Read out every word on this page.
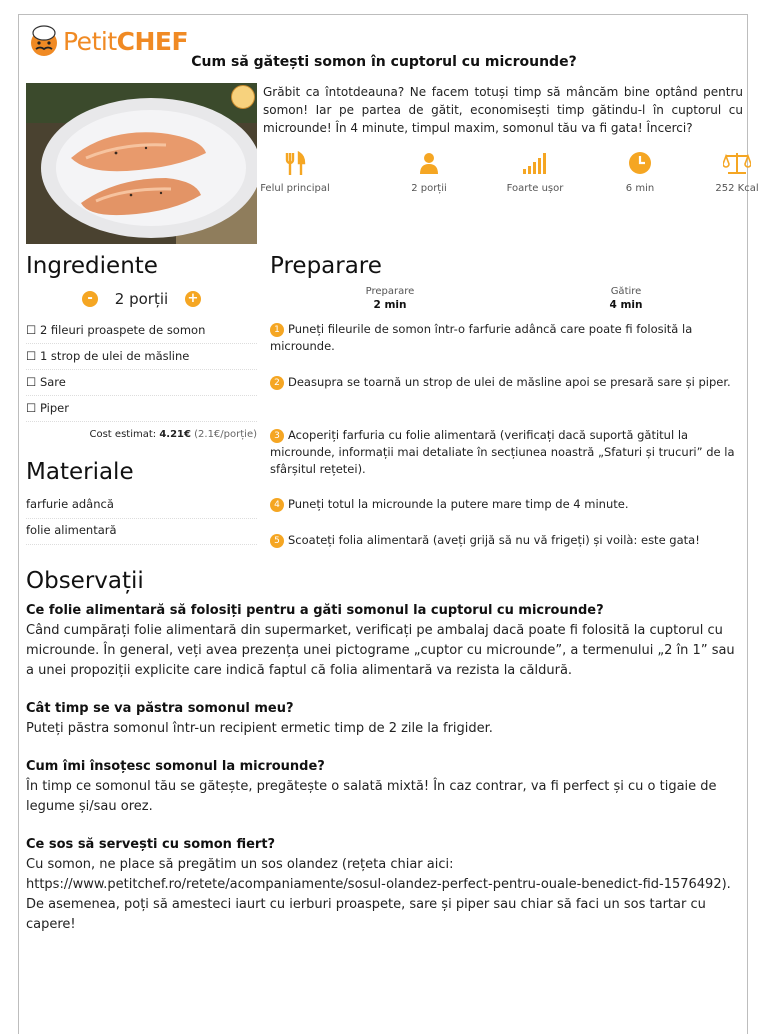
PetitCHEF
Cum să gătești somon în cuptorul cu microunde?
Grăbit ca întotdeauna? Ne facem totuși timp să mâncăm bine optând pentru somon! Iar pe partea de gătit, economisești timp gătindu-l în cuptorul cu microunde! În 4 minute, timpul maxim, somonul tău va fi gata! Încerci?
Felul principal	2 porții	Foarte ușor	6 min	252 Kcal
Ingrediente
- 2 porții +
☐ 2 fileuri proaspete de somon
☐ 1 strop de ulei de măsline
☐ Sare
☐ Piper
Cost estimat: 4.21€ (2.1€/porție)
Materiale
farfurie adâncă
folie alimentară
Preparare
Preparare
2 min
Gătire
4 min
1 Puneți fileurile de somon într-o farfurie adâncă care poate fi folosită la microunde.
2 Deasupra se toarnă un strop de ulei de măsline apoi se presară sare și piper.
3 Acoperiți farfuria cu folie alimentară (verificați dacă suportă gătitul la microunde, informații mai detaliate în secțiunea noastră „Sfaturi și trucuri” de la sfârșitul rețetei).
4 Puneți totul la microunde la putere mare timp de 4 minute.
5 Scoateți folia alimentară (aveți grijă să nu vă frigeți) și voilà: este gata!
Observații
Ce folie alimentară să folosiți pentru a găti somonul la cuptorul cu microunde?
Când cumpărați folie alimentară din supermarket, verificați pe ambalaj dacă poate fi folosită la cuptorul cu microunde. În general, veți avea prezența unei pictograme „cuptor cu microunde”, a termenului „2 în 1” sau a unei propoziții explicite care indică faptul că folia alimentară va rezista la căldură.
Cât timp se va păstra somonul meu?
Puteți păstra somonul într-un recipient ermetic timp de 2 zile la frigider.
Cum îmi însoțesc somonul la microunde?
În timp ce somonul tău se gătește, pregătește o salată mixtă! În caz contrar, va fi perfect și cu o tigaie de legume și/sau orez.
Ce sos să servești cu somon fiert?
Cu somon, ne place să pregătim un sos olandez (rețeta chiar aici: https://www.petitchef.ro/retete/acompaniamente/sosul-olandez-perfect-pentru-ouale-benedict-fid-1576492). De asemenea, poți să amesteci iaurt cu ierburi proaspete, sare și piper sau chiar să faci un sos tartar cu capere!
